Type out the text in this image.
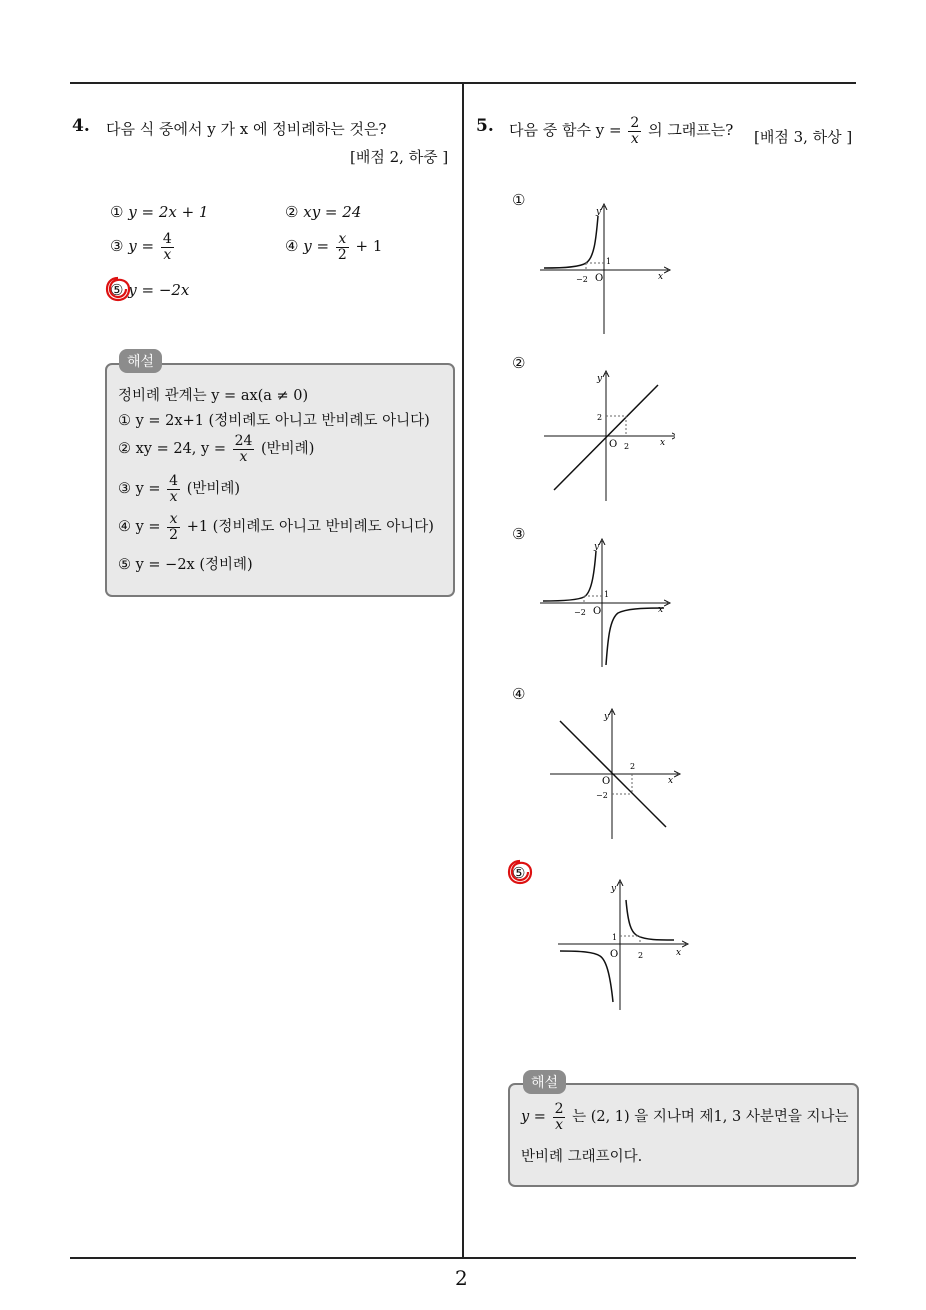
2
4. 다음 식 중에서 y 가 x 에 정비례하는 것은?
[배점 2, 하중 ]
① y = 2x + 1	② xy = 24
③ $y = \frac{4}{x}$	④ $y = \frac{x}{2} + 1$
⑤ y = −2x
해설
정비례 관계는 y = ax(a ≠ 0)
① y = 2x+1 (정비례도 아니고 반비례도 아니다)
② xy = 24, $y = \frac{24}{x}$ (반비례)
③ $y = \frac{4}{x}$ (반비례)
④ $y = \frac{x}{2} +1$ (정비례도 아니고 반비례도 아니다)
⑤ y = −2x (정비례)
5. 다음 중 함수 $y = \frac{2}{x}$ 의 그래프는? [배점 3, 하상 ]
①
②
③
④
⑤
1
−2 O	x
y
2
2
O	x
y
1
−2 O	x
y
2
−2
O	x
y
1
2
O	x
y
해설
$y = \frac{2}{x}$ 는 (2, 1) 을 지나며 제1, 3 사분면을 지나는
반비례 그래프이다.
